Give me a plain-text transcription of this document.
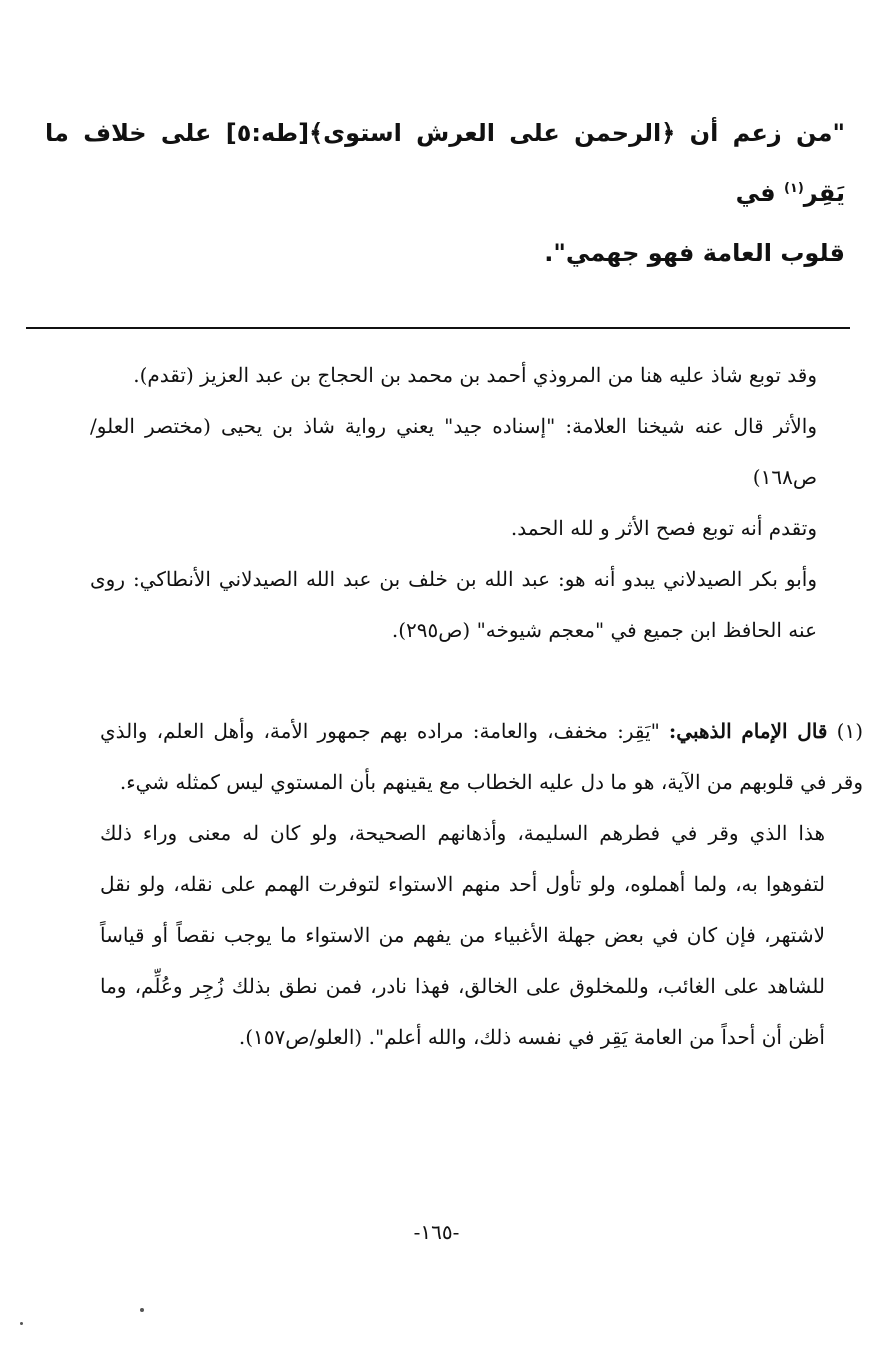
"من زعم أن ﴿الرحمن على العرش استوى﴾[طه:٥] على خلاف ما يَقِر$^{(١)}$ في

قلوب العامة فهو جهمي".

وقد توبع شاذ عليه هنا من المروذي أحمد بن محمد بن الحجاج بن عبد العزيز (تقدم).

والأثر قال عنه شيخنا العلامة: "إسناده جيد" يعني رواية شاذ بن يحيى (مختصر العلو/ص١٦٨)

وتقدم أنه توبع فصح الأثر و لله الحمد.

وأبو بكر الصيدلاني يبدو أنه هو: عبد الله بن خلف بن عبد الله الصيدلاني الأنطاكي: روى عنه الحافظ ابن جميع في "معجم شيوخه" (ص٢٩٥).

(١) قال الإمام الذهبي: "يَقِر: مخفف، والعامة: مراده بهم جمهور الأمة، وأهل العلم، والذي وقر في قلوبهم من الآية، هو ما دل عليه الخطاب مع يقينهم بأن المستوي ليس كمثله شيء.

هذا الذي وقر في فطرهم السليمة، وأذهانهم الصحيحة، ولو كان له معنى وراء ذلك لتفوهوا به، ولما أهملوه، ولو تأول أحد منهم الاستواء لتوفرت الهمم على نقله، ولو نقل لاشتهر، فإن كان في بعض جهلة الأغبياء من يفهم من الاستواء ما يوجب نقصاً أو قياساً للشاهد على الغائب، وللمخلوق على الخالق، فهذا نادر، فمن نطق بذلك زُجِر وعُلِّم، وما أظن أن أحداً من العامة يَقِر في نفسه ذلك، والله أعلم". (العلو/ص١٥٧).

-١٦٥-
